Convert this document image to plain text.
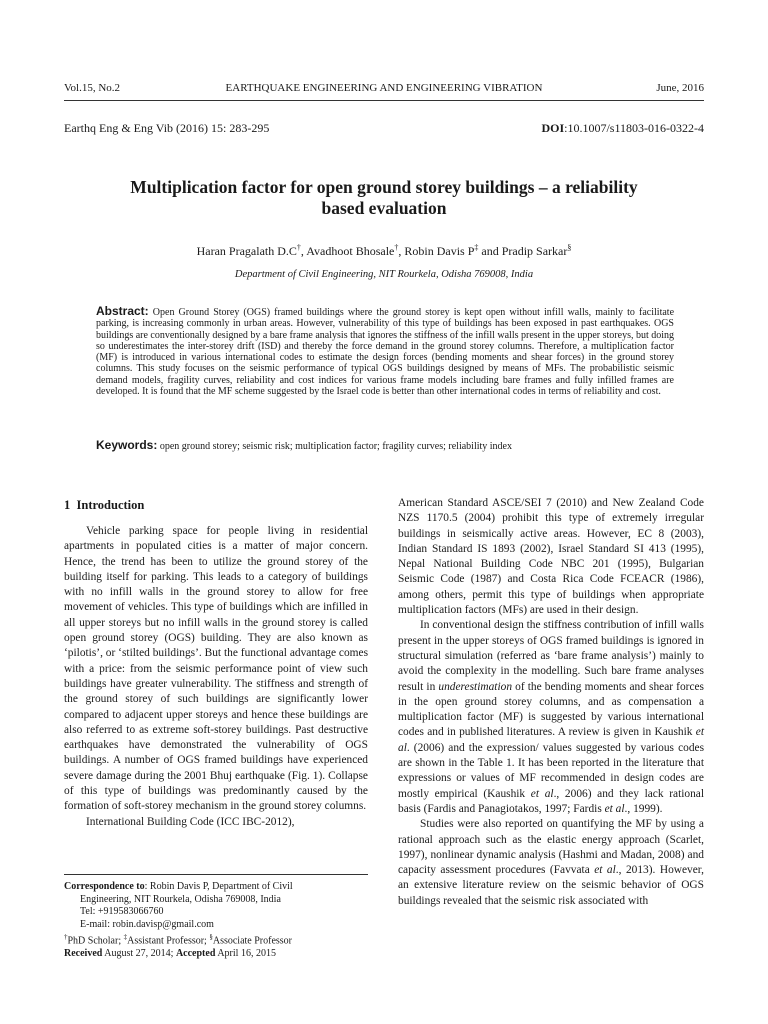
Vol.15, No.2	EARTHQUAKE ENGINEERING AND ENGINEERING VIBRATION	June, 2016
Earthq Eng & Eng Vib (2016) 15: 283-295	DOI:10.1007/s11803-016-0322-4
Multiplication factor for open ground storey buildings – a reliability
based evaluation
Haran Pragalath D.C†, Avadhoot Bhosale†, Robin Davis P‡ and Pradip Sarkar§
Department of Civil Engineering, NIT Rourkela, Odisha 769008, India
Abstract: Open Ground Storey (OGS) framed buildings where the ground storey is kept open without infill walls, mainly to facilitate parking, is increasing commonly in urban areas. However, vulnerability of this type of buildings has been exposed in past earthquakes. OGS buildings are conventionally designed by a bare frame analysis that ignores the stiffness of the infill walls present in the upper storeys, but doing so underestimates the inter-storey drift (ISD) and thereby the force demand in the ground storey columns. Therefore, a multiplication factor (MF) is introduced in various international codes to estimate the design forces (bending moments and shear forces) in the ground storey columns. This study focuses on the seismic performance of typical OGS buildings designed by means of MFs. The probabilistic seismic demand models, fragility curves, reliability and cost indices for various frame models including bare frames and fully infilled frames are developed. It is found that the MF scheme suggested by the Israel code is better than other international codes in terms of reliability and cost.
Keywords: open ground storey; seismic risk; multiplication factor; fragility curves; reliability index
1 Introduction

Vehicle parking space for people living in residential apartments in populated cities is a matter of major concern. Hence, the trend has been to utilize the ground storey of the building itself for parking. This leads to a category of buildings with no infill walls in the ground storey to allow for free movement of vehicles. This type of buildings which are infilled in all upper storeys but no infill walls in the ground storey is called open ground storey (OGS) building. They are also known as ‘pilotis’, or ‘stilted buildings’. But the functional advantage comes with a price: from the seismic performance point of view such buildings have greater vulnerability. The stiffness and strength of the ground storey of such buildings are significantly lower compared to adjacent upper storeys and hence these buildings are also referred to as extreme soft-storey buildings. Past destructive earthquakes have demonstrated the vulnerability of OGS buildings. A number of OGS framed buildings have experienced severe damage during the 2001 Bhuj earthquake (Fig. 1). Collapse of this type of buildings was predominantly caused by the formation of soft-storey mechanism in the ground storey columns.

International Building Code (ICC IBC-2012),

American Standard ASCE/SEI 7 (2010) and New Zealand Code NZS 1170.5 (2004) prohibit this type of extremely irregular buildings in seismically active areas. However, EC 8 (2003), Indian Standard IS 1893 (2002), Israel Standard SI 413 (1995), Nepal National Building Code NBC 201 (1995), Bulgarian Seismic Code (1987) and Costa Rica Code FCEACR (1986), among others, permit this type of buildings when appropriate multiplication factors (MFs) are used in their design.

In conventional design the stiffness contribution of infill walls present in the upper storeys of OGS framed buildings is ignored in structural simulation (referred as ‘bare frame analysis’) mainly to avoid the complexity in the modelling. Such bare frame analyses result in underestimation of the bending moments and shear forces in the open ground storey columns, and as compensation a multiplication factor (MF) is suggested by various international codes and in published literatures. A review is given in Kaushik et al. (2006) and the expression/ values suggested by various codes are shown in the Table 1. It has been reported in the literature that expressions or values of MF recommended in design codes are mostly empirical (Kaushik et al., 2006) and they lack rational basis (Fardis and Panagiotakos, 1997; Fardis et al., 1999).

Studies were also reported on quantifying the MF by using a rational approach such as the elastic energy approach (Scarlet, 1997), nonlinear dynamic analysis (Hashmi and Madan, 2008) and capacity assessment procedures (Favvata et al., 2013). However, an extensive literature review on the seismic behavior of OGS buildings revealed that the seismic risk associated with

Correspondence to: Robin Davis P, Department of Civil
Engineering, NIT Rourkela, Odisha 769008, India
Tel: +919583066760
E-mail: robin.davisp@gmail.com
†PhD Scholar; ‡Assistant Professor; §Associate Professor
Received August 27, 2014; Accepted April 16, 2015
